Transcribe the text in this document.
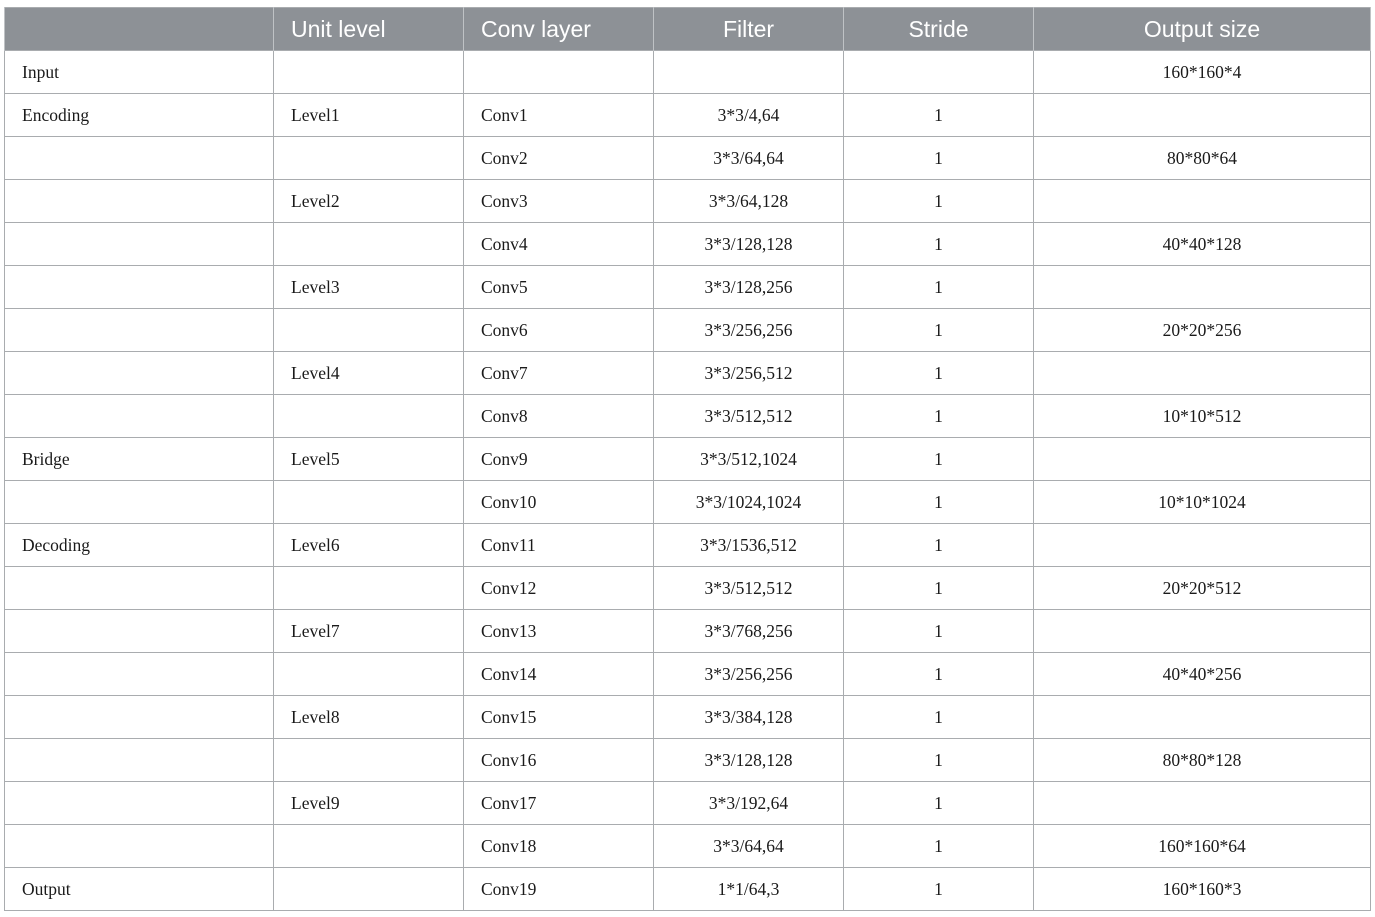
	Unit level	Conv layer	Filter	Stride	Output size
Input					160*160*4
Encoding	Level1	Conv1	3*3/4,64	1	
		Conv2	3*3/64,64	1	80*80*64
	Level2	Conv3	3*3/64,128	1	
		Conv4	3*3/128,128	1	40*40*128
	Level3	Conv5	3*3/128,256	1	
		Conv6	3*3/256,256	1	20*20*256
	Level4	Conv7	3*3/256,512	1	
		Conv8	3*3/512,512	1	10*10*512
Bridge	Level5	Conv9	3*3/512,1024	1	
		Conv10	3*3/1024,1024	1	10*10*1024
Decoding	Level6	Conv11	3*3/1536,512	1	
		Conv12	3*3/512,512	1	20*20*512
	Level7	Conv13	3*3/768,256	1	
		Conv14	3*3/256,256	1	40*40*256
	Level8	Conv15	3*3/384,128	1	
		Conv16	3*3/128,128	1	80*80*128
	Level9	Conv17	3*3/192,64	1	
		Conv18	3*3/64,64	1	160*160*64
Output		Conv19	1*1/64,3	1	160*160*3
